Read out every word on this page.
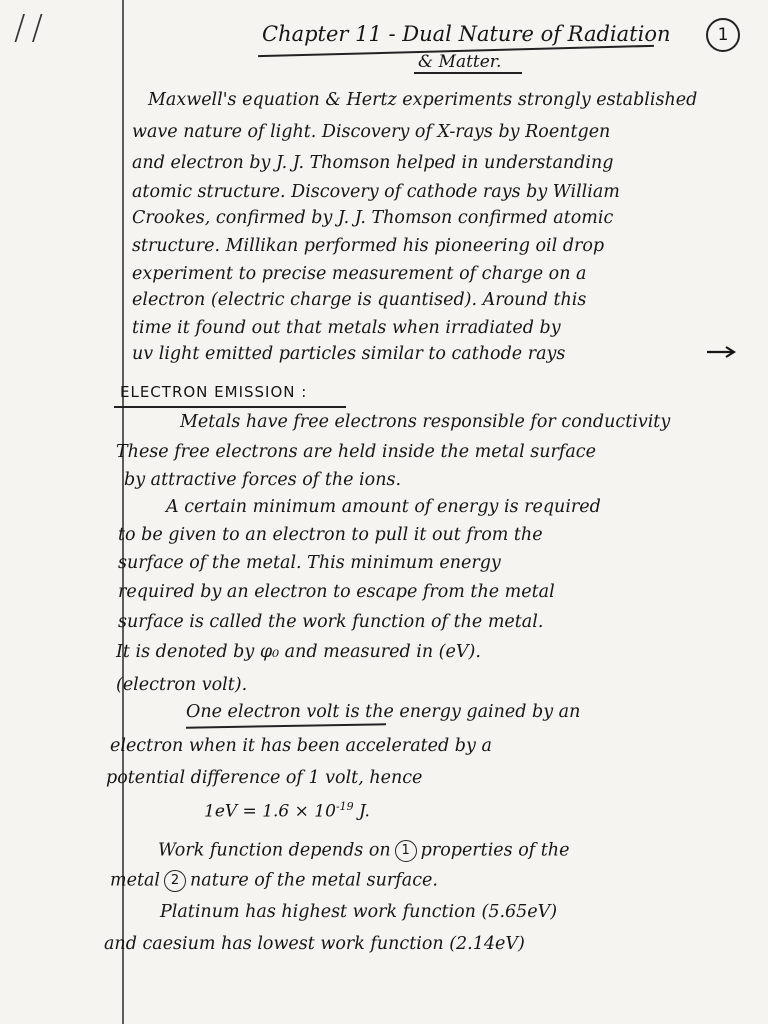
//	Chapter 11 - Dual Nature of Radiation
& Matter.
1
Maxwell's equation & Hertz experiments strongly established
wave nature of light. Discovery of X-rays by Roentgen
and electron by J. J. Thomson helped in understanding
atomic structure. Discovery of cathode rays by William
Crookes, confirmed by J. J. Thomson confirmed atomic
structure. Millikan performed his pioneering oil drop
experiment to precise measurement of charge on a
electron (electric charge is quantised). Around this
time it found out that metals when irradiated by
uv light emitted particles similar to cathode rays
ELECTRON EMISSION :
Metals have free electrons responsible for conductivity
These free electrons are held inside the metal surface
by attractive forces of the ions.
A certain minimum amount of energy is required
to be given to an electron to pull it out from the
surface of the metal. This minimum energy
required by an electron to escape from the metal
surface is called the work function of the metal.
It is denoted by φ₀ and measured in (eV).
(electron volt).
One electron volt is the energy gained by an
electron when it has been accelerated by a
potential difference of 1 volt, hence
$1eV = 1.6 \times 10^{-19}$ J.
Work function depends on 1 properties of the
metal 2 nature of the metal surface.
Platinum has highest work function (5.65eV)
and caesium has lowest work function (2.14eV)
